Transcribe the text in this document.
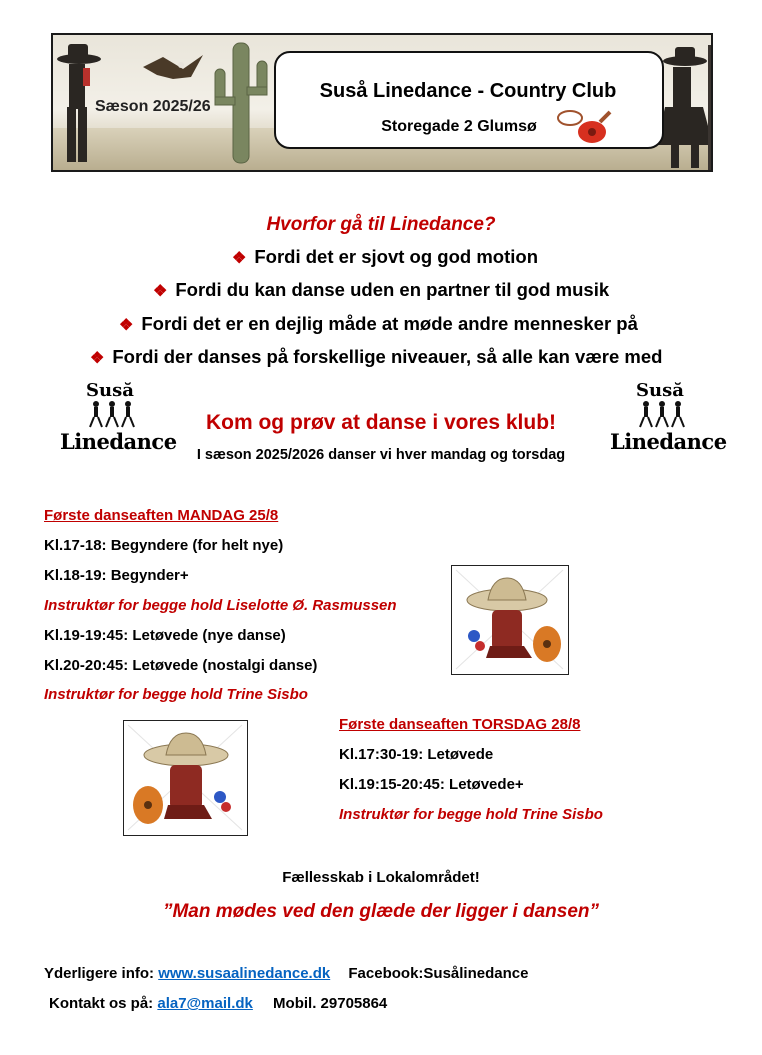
Sæson 2025/26
Suså Linedance - Country Club
Storegade 2 Glumsø
Hvorfor gå til Linedance?
❖ Fordi det er sjovt og god motion
❖ Fordi du kan danse uden en partner til god musik
❖ Fordi det er en dejlig måde at møde andre mennesker på
❖ Fordi der danses på forskellige niveauer, så alle kan være med
Susă
Linedance
Susă
Linedance
Kom og prøv at danse i vores klub!
I sæson 2025/2026 danser vi hver mandag og torsdag
Første danseaften MANDAG 25/8
Kl.17-18: Begyndere (for helt nye)
Kl.18-19: Begynder+
Instruktør for begge hold Liselotte Ø. Rasmussen
Kl.19-19:45: Letøvede (nye danse)
Kl.20-20:45: Letøvede (nostalgi danse)
Instruktør for begge hold Trine Sisbo
Første danseaften TORSDAG 28/8
Kl.17:30-19: Letøvede
Kl.19:15-20:45: Letøvede+
Instruktør for begge hold Trine Sisbo
Fællesskab i Lokalområdet!
”Man mødes ved den glæde der ligger i dansen”
Yderligere info: www.susaalinedance.dk Facebook:Susålinedance
Kontakt os på: ala7@mail.dk Mobil. 29705864
